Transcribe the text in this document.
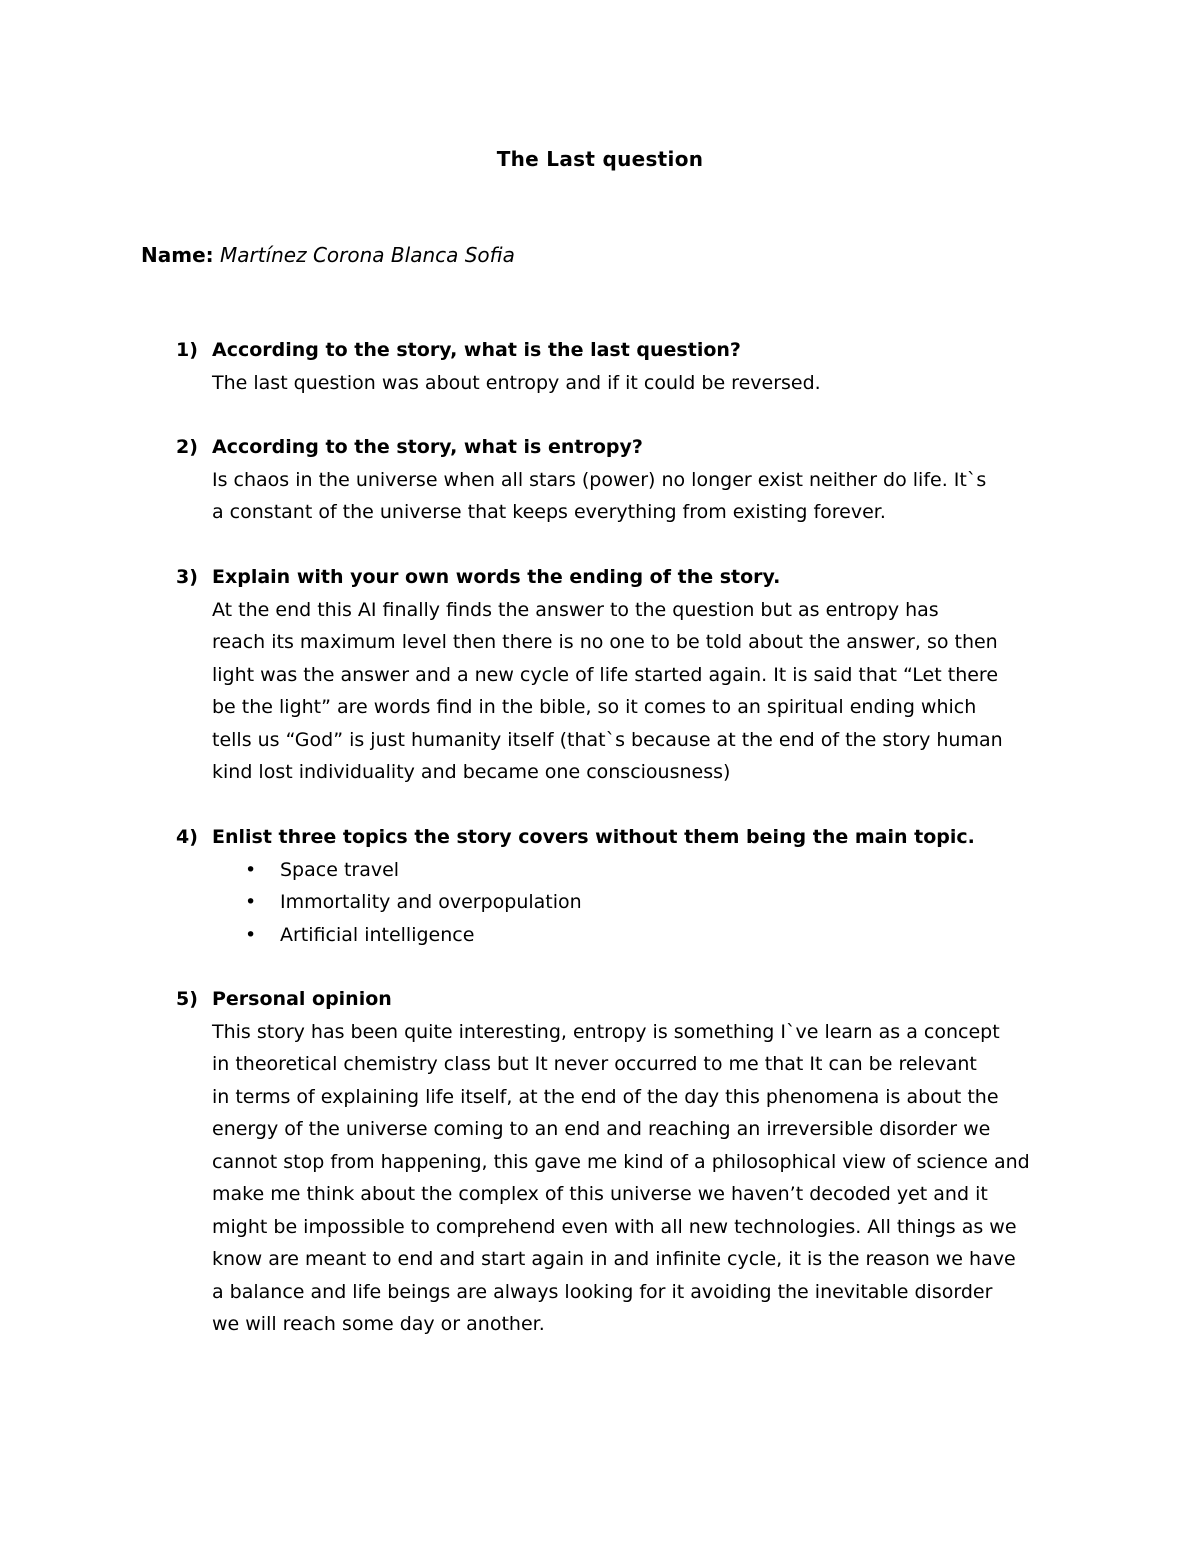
The Last question
Name: Martínez Corona Blanca Sofia
1) According to the story, what is the last question?
The last question was about entropy and if it could be reversed.
2) According to the story, what is entropy?
Is chaos in the universe when all stars (power) no longer exist neither do life. It`s
a constant of the universe that keeps everything from existing forever.
3) Explain with your own words the ending of the story.
At the end this AI finally finds the answer to the question but as entropy has
reach its maximum level then there is no one to be told about the answer, so then
light was the answer and a new cycle of life started again. It is said that “Let there
be the light” are words find in the bible, so it comes to an spiritual ending which
tells us “God” is just humanity itself (that`s because at the end of the story human
kind lost individuality and became one consciousness)
4) Enlist three topics the story covers without them being the main topic.
•	Space travel
•	Immortality and overpopulation
•	Artificial intelligence
5) Personal opinion
This story has been quite interesting, entropy is something I`ve learn as a concept
in theoretical chemistry class but It never occurred to me that It can be relevant
in terms of explaining life itself, at the end of the day this phenomena is about the
energy of the universe coming to an end and reaching an irreversible disorder we
cannot stop from happening, this gave me kind of a philosophical view of science and
make me think about the complex of this universe we haven’t decoded yet and it
might be impossible to comprehend even with all new technologies. All things as we
know are meant to end and start again in and infinite cycle, it is the reason we have
a balance and life beings are always looking for it avoiding the inevitable disorder
we will reach some day or another.
